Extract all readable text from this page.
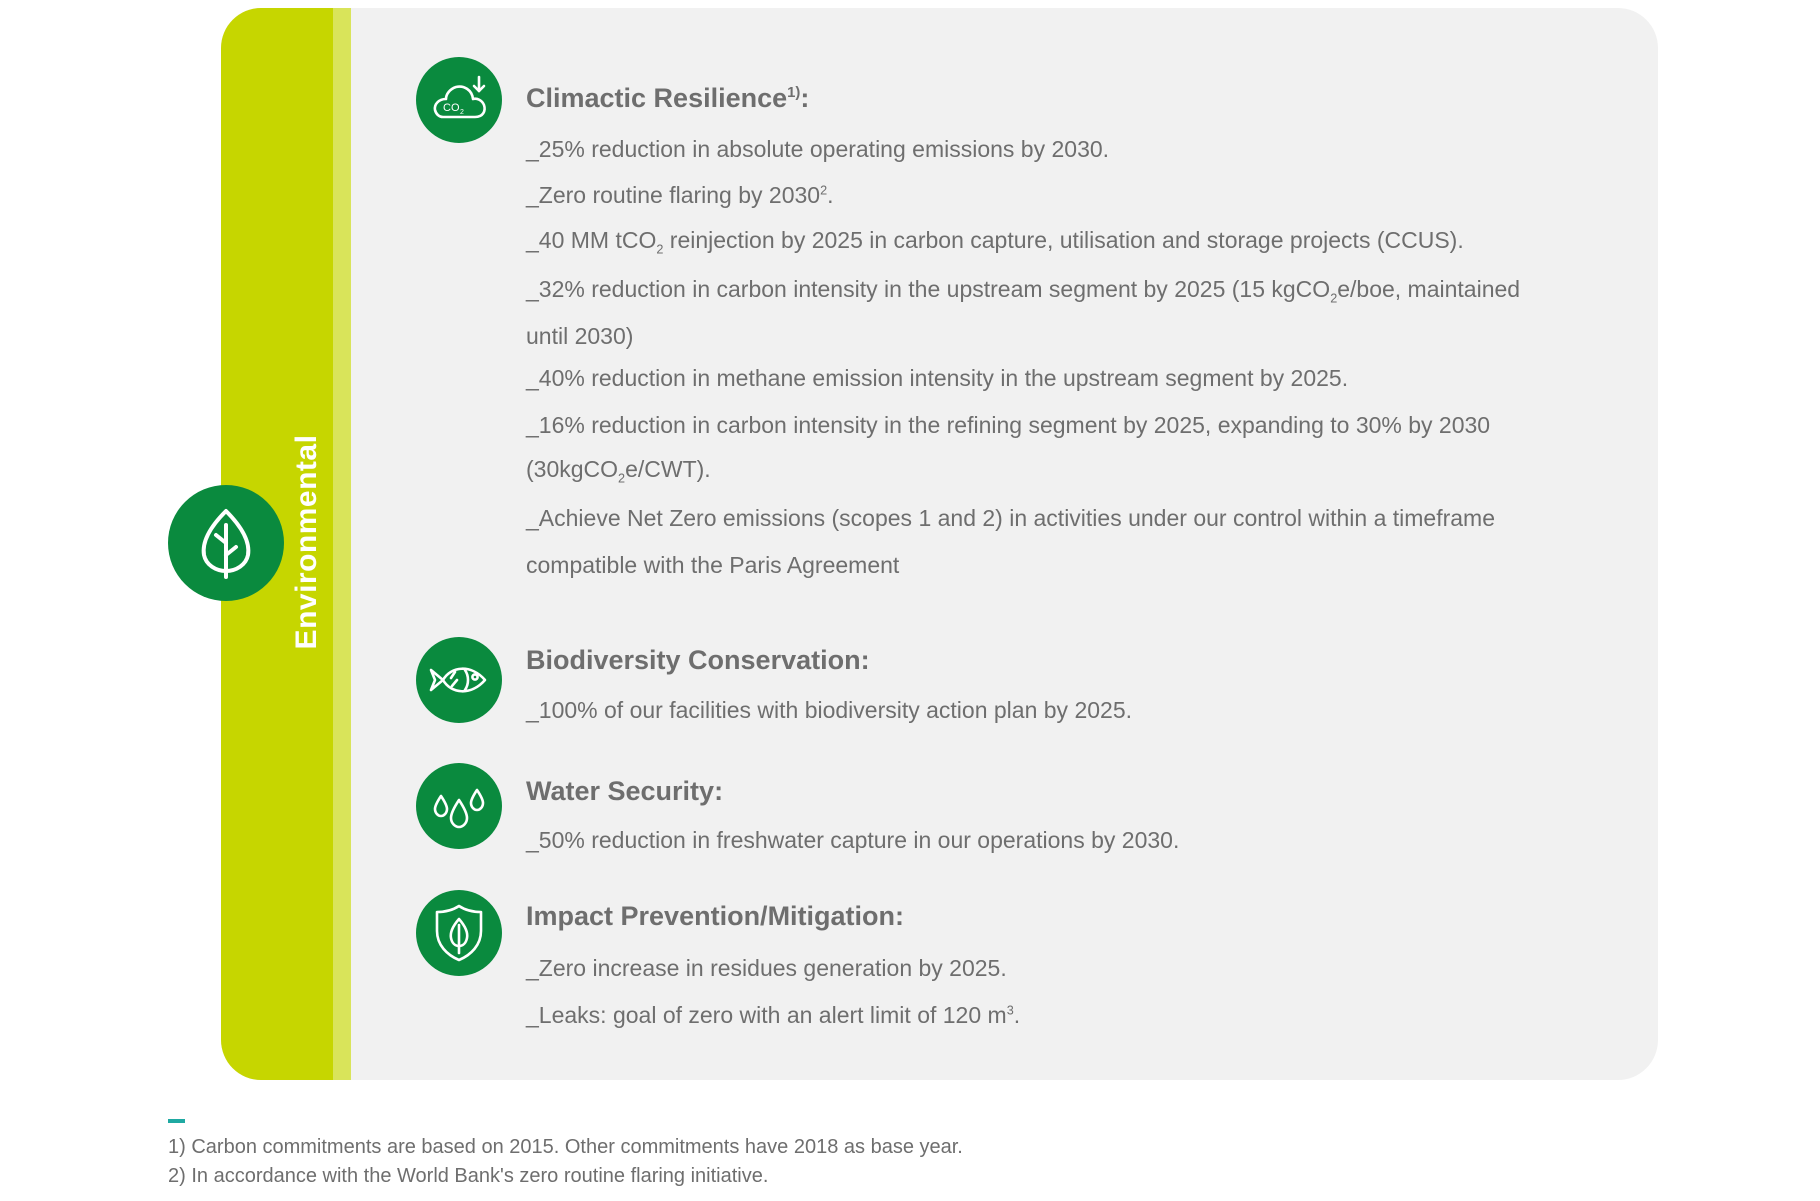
Environmental
CO 2 Climactic Resilience$^{1)}$:
_25% reduction in absolute operating emissions by 2030.
_Zero routine flaring by 2030$^2$.
_40 MM tCO$_2$ reinjection by 2025 in carbon capture, utilisation and storage projects (CCUS).
_32% reduction in carbon intensity in the upstream segment by 2025 (15 kgCO$_2$e/boe, maintained
until 2030)
_40% reduction in methane emission intensity in the upstream segment by 2025.
_16% reduction in carbon intensity in the refining segment by 2025, expanding to 30% by 2030
(30kgCO$_2$e/CWT).
_Achieve Net Zero emissions (scopes 1 and 2) in activities under our control within a timeframe
compatible with the Paris Agreement
Biodiversity Conservation:
_100% of our facilities with biodiversity action plan by 2025.
Water Security:
_50% reduction in freshwater capture in our operations by 2030.
Impact Prevention/Mitigation:
_Zero increase in residues generation by 2025.
_Leaks: goal of zero with an alert limit of 120 $m^3$.
1) Carbon commitments are based on 2015. Other commitments have 2018 as base year.
2) In accordance with the World Bank's zero routine flaring initiative.
